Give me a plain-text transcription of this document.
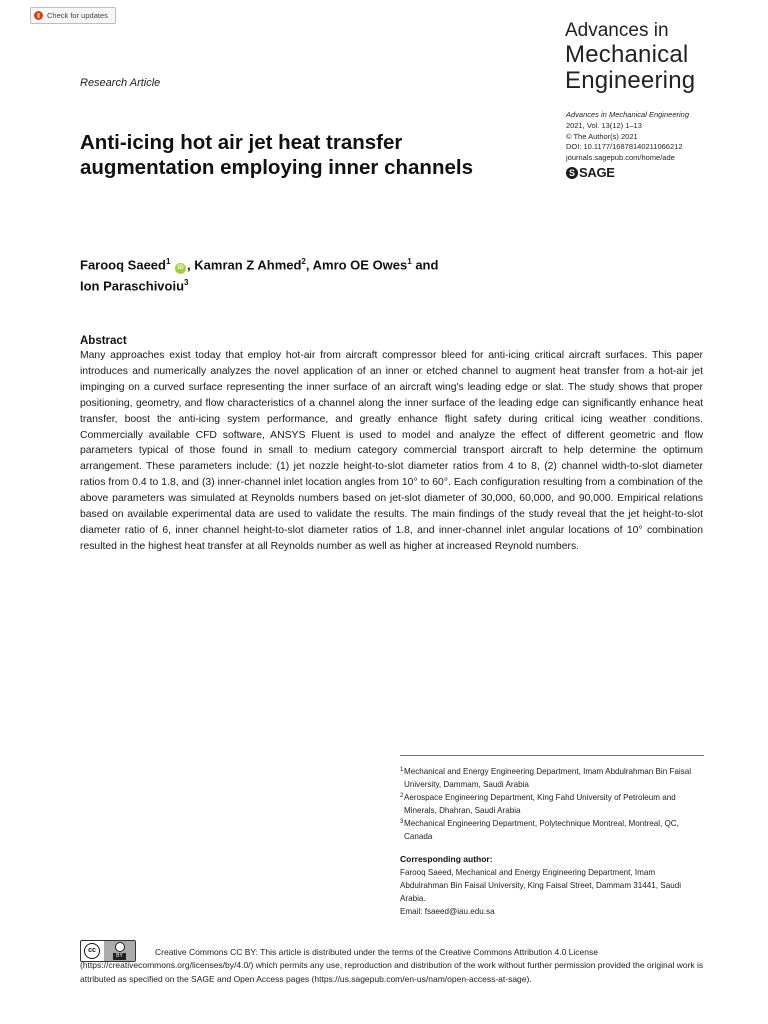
Check for updates
Advances in
Mechanical
Engineering
Research Article
Advances in Mechanical Engineering
2021, Vol. 13(12) 1–13
© The Author(s) 2021
DOI: 10.1177/16878140211066212
journals.sagepub.com/home/ade
S SAGE
Anti-icing hot air jet heat transfer augmentation employing inner channels
Farooq Saeed$^1$ iD , Kamran Z Ahmed$^2$, Amro OE Owes$^1$ and
Ion Paraschivoiu$^3$
Abstract
Many approaches exist today that employ hot-air from aircraft compressor bleed for anti-icing critical aircraft surfaces. This paper introduces and numerically analyzes the novel application of an inner or etched channel to augment heat transfer from a hot-air jet impinging on a curved surface representing the inner surface of an aircraft wing's leading edge or slat. The study shows that proper positioning, geometry, and flow characteristics of a channel along the inner surface of the leading edge can significantly enhance heat transfer, boost the anti-icing system performance, and greatly enhance flight safety during critical icing weather conditions. Commercially available CFD software, ANSYS Fluent is used to model and analyze the effect of different geometric and flow parameters typical of those found in small to medium category commercial transport aircraft to help determine the optimum arrangement. These parameters include: (1) jet nozzle height-to-slot diameter ratios from 4 to 8, (2) channel width-to-slot diameter ratios from 0.4 to 1.8, and (3) inner-channel inlet location angles from 10° to 60°. Each configuration resulting from a combination of the above parameters was simulated at Reynolds numbers based on jet-slot diameter of 30,000, 60,000, and 90,000. Empirical relations based on available experimental data are used to validate the results. The main findings of the study reveal that the jet height-to-slot diameter ratio of 6, inner channel height-to-slot diameter ratios of 1.8, and inner-channel inlet angular locations of 10° combination resulted in the highest heat transfer at all Reynolds number as well as higher at increased Reynold numbers.
1 Mechanical and Energy Engineering Department, Imam Abdulrahman Bin Faisal University, Dammam, Saudi Arabia
2 Aerospace Engineering Department, King Fahd University of Petroleum and Minerals, Dhahran, Saudi Arabia
3 Mechanical Engineering Department, Polytechnique Montreal, Montreal, QC, Canada
Corresponding author:
Farooq Saeed, Mechanical and Energy Engineering Department, Imam Abdulrahman Bin Faisal University, King Faisal Street, Dammam 31441, Saudi Arabia.
Email: fsaeed@iau.edu.sa
cc
BY	Creative Commons CC BY: This article is distributed under the terms of the Creative Commons Attribution 4.0 License (https://creativecommons.org/licenses/by/4.0/) which permits any use, reproduction and distribution of the work without further permission provided the original work is attributed as specified on the SAGE and Open Access pages (https://us.sagepub.com/en-us/nam/open-access-at-sage).
